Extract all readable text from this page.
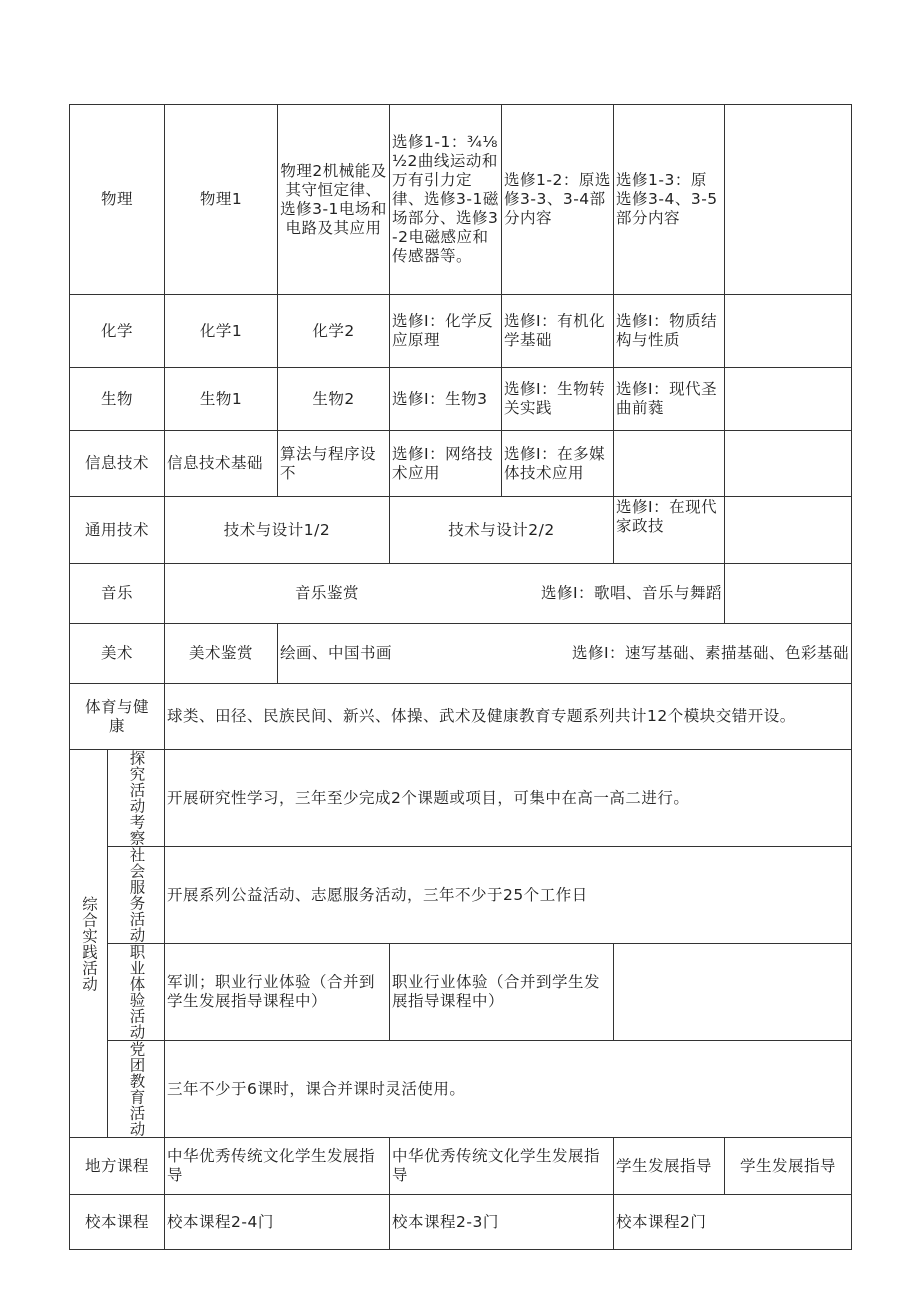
物理		物理1	物理2机械能及其守恒定律、选修3-1电场和电路及其应用	选修1-1：¾⅛½2曲线运动和万有引力定律、选修3-1磁场部分、选修3-2电磁感应和传感器等。	选修1-2：原选修3-3、3-4部分内容	选修1-3：原选修3-4、3-5部分内容	
化学		化学1	化学2	选修I：化学反应原理	选修I：有机化学基础	选修I：物质结构与性质	
生物		生物1	生物2	选修I：生物3	选修I：生物转关实践	选修I：现代圣曲前蕤	
信息技术		信息技术基础	算法与程序设不	选修I：网络技术应用	选修I：在多媒体技术应用		
通用技术		技术与设计1/2		技术与设计2/2		选修I：在现代家政技	
音乐		音乐鉴赏 选修I：歌唱、音乐与舞蹈					

美术		美术鉴赏	绘画、中国书画 选修I：速写基础、素描基础、色彩基础				

体育与健康		球类、田径、民族民间、新兴、体操、武术及健康教育专题系列共计12个模块交错开设。					

综合实践活动	探究活动考察	开展研究性学习，三年至少完成2个课题或项目，可集中在高一高二进行。					

	社会服务活动	开展系列公益活动、志愿服务活动，三年不少于25个工作日					

	职业体验活动	军训；职业行业体验（合并到学生发展指导课程中）		职业行业体验（合并到学生发展指导课程中）			

	党团教育活动	三年不少于6课时，课合并课时灵活使用。					
地方课程		中华优秀传统文化学生发展指导		中华优秀传统文化学生发展指导		学生发展指导	学生发展指导
校本课程		校本课程2-4门		校本课程2-3门		校本课程2门	
